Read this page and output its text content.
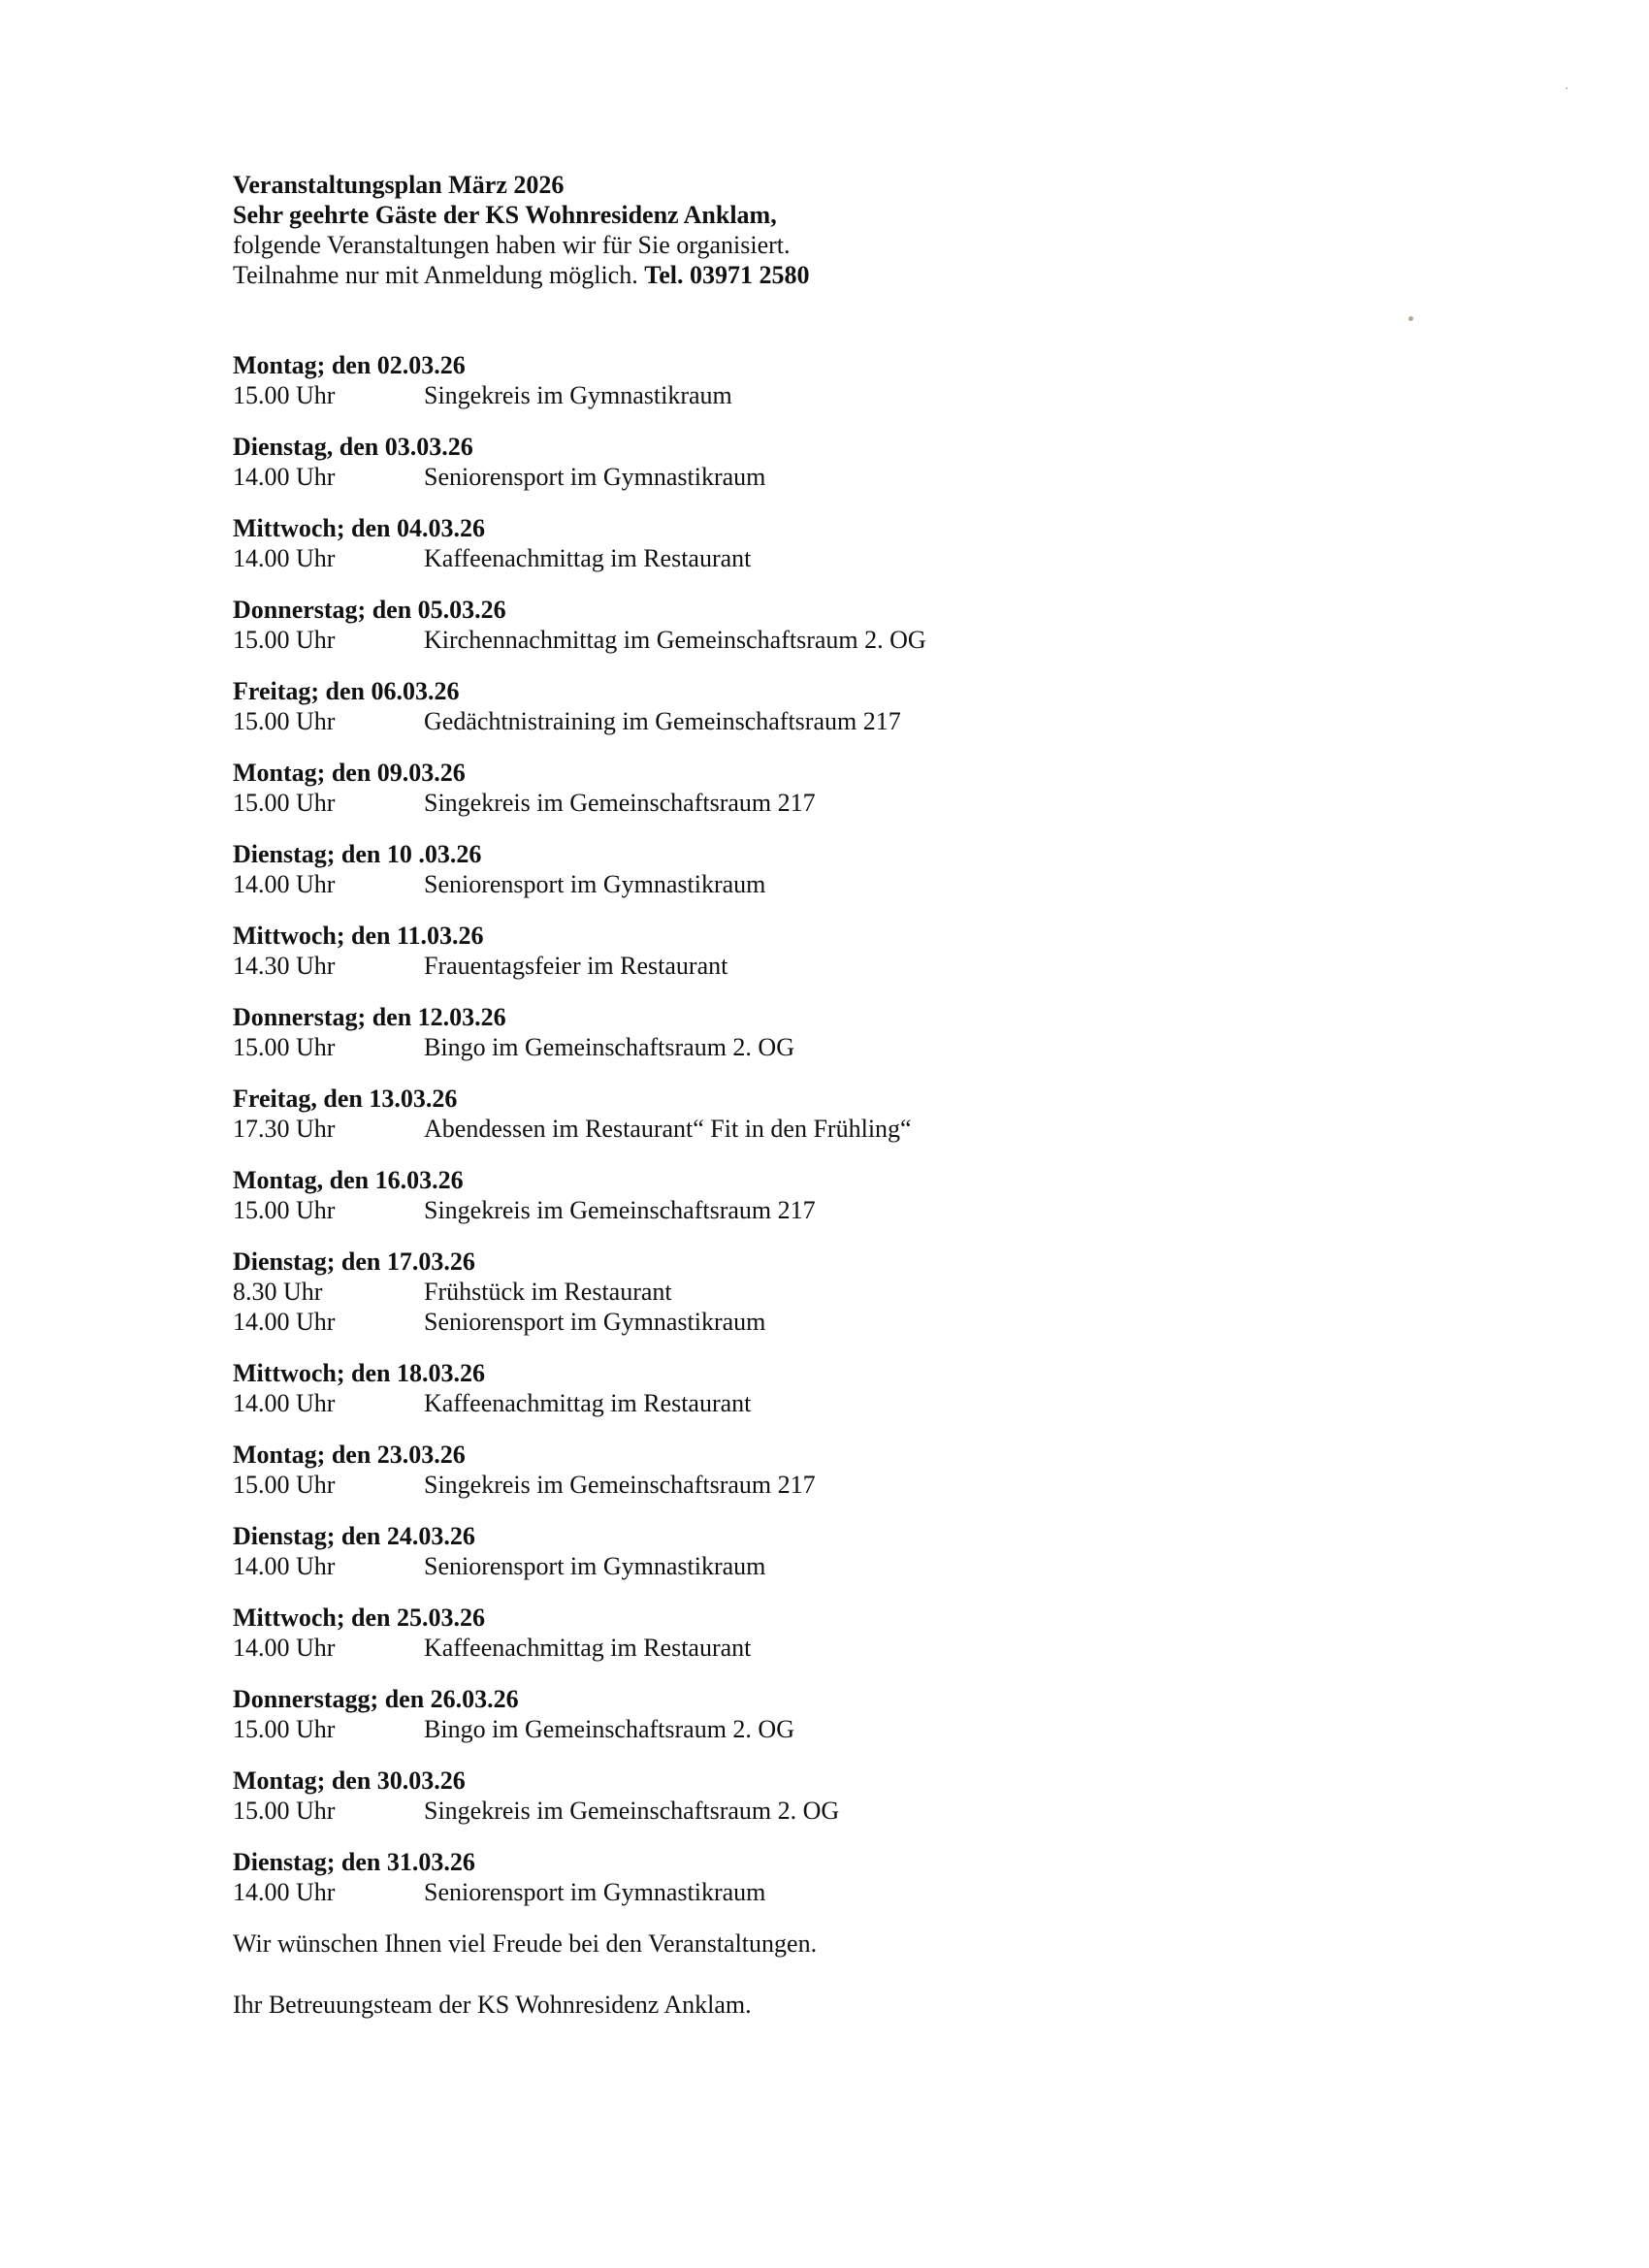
Veranstaltungsplan März 2026
Sehr geehrte Gäste der KS Wohnresidenz Anklam,
folgende Veranstaltungen haben wir für Sie organisiert.
Teilnahme nur mit Anmeldung möglich. Tel. 03971 2580
Montag; den 02.03.26
15.00 Uhr	Singekreis im Gymnastikraum
Dienstag, den 03.03.26
14.00 Uhr	Seniorensport im Gymnastikraum
Mittwoch; den 04.03.26
14.00 Uhr	Kaffeenachmittag im Restaurant
Donnerstag; den 05.03.26
15.00 Uhr	Kirchennachmittag im Gemeinschaftsraum 2. OG
Freitag; den 06.03.26
15.00 Uhr	Gedächtnistraining im Gemeinschaftsraum 217
Montag; den 09.03.26
15.00 Uhr	Singekreis im Gemeinschaftsraum 217
Dienstag; den 10 .03.26
14.00 Uhr	Seniorensport im Gymnastikraum
Mittwoch; den 11.03.26
14.30 Uhr	Frauentagsfeier im Restaurant
Donnerstag; den 12.03.26
15.00 Uhr	Bingo im Gemeinschaftsraum 2. OG
Freitag, den 13.03.26
17.30 Uhr	Abendessen im Restaurant“ Fit in den Frühling“
Montag, den 16.03.26
15.00 Uhr	Singekreis im Gemeinschaftsraum 217
Dienstag; den 17.03.26
8.30 Uhr	Frühstück im Restaurant
14.00 Uhr	Seniorensport im Gymnastikraum
Mittwoch; den 18.03.26
14.00 Uhr	Kaffeenachmittag im Restaurant
Montag; den 23.03.26
15.00 Uhr	Singekreis im Gemeinschaftsraum 217
Dienstag; den 24.03.26
14.00 Uhr	Seniorensport im Gymnastikraum
Mittwoch; den 25.03.26
14.00 Uhr	Kaffeenachmittag im Restaurant
Donnerstagg; den 26.03.26
15.00 Uhr	Bingo im Gemeinschaftsraum 2. OG
Montag; den 30.03.26
15.00 Uhr	Singekreis im Gemeinschaftsraum 2. OG
Dienstag; den 31.03.26
14.00 Uhr	Seniorensport im Gymnastikraum
Wir wünschen Ihnen viel Freude bei den Veranstaltungen.
Ihr Betreuungsteam der KS Wohnresidenz Anklam.
